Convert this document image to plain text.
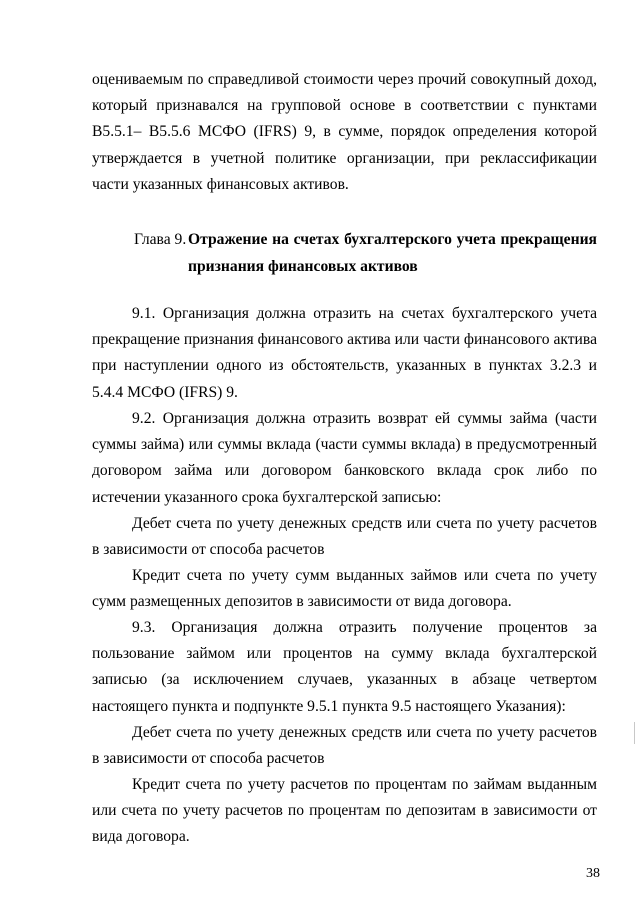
оцениваемым по справедливой стоимости через прочий совокупный доход, который признавался на групповой основе в соответствии с пунктами В5.5.1– В5.5.6 МСФО (IFRS) 9, в сумме, порядок определения которой утверждается в учетной политике организации, при реклассификации части указанных финансовых активов.

Глава 9. Отражение на счетах бухгалтерского учета прекращения признания финансовых активов

9.1. Организация должна отразить на счетах бухгалтерского учета прекращение признания финансового актива или части финансового актива при наступлении одного из обстоятельств, указанных в пунктах 3.2.3 и 5.4.4 МСФО (IFRS) 9.

9.2. Организация должна отразить возврат ей суммы займа (части суммы займа) или суммы вклада (части суммы вклада) в предусмотренный договором займа или договором банковского вклада срок либо по истечении указанного срока бухгалтерской записью:

Дебет счета по учету денежных средств или счета по учету расчетов в зависимости от способа расчетов

Кредит счета по учету сумм выданных займов или счета по учету сумм размещенных депозитов в зависимости от вида договора.

9.3. Организация должна отразить получение процентов за пользование займом или процентов на сумму вклада бухгалтерской записью (за исключением случаев, указанных в абзаце четвертом настоящего пункта и подпункте 9.5.1 пункта 9.5 настоящего Указания):

Дебет счета по учету денежных средств или счета по учету расчетов в зависимости от способа расчетов

Кредит счета по учету расчетов по процентам по займам выданным или счета по учету расчетов по процентам по депозитам в зависимости от вида договора.

38
